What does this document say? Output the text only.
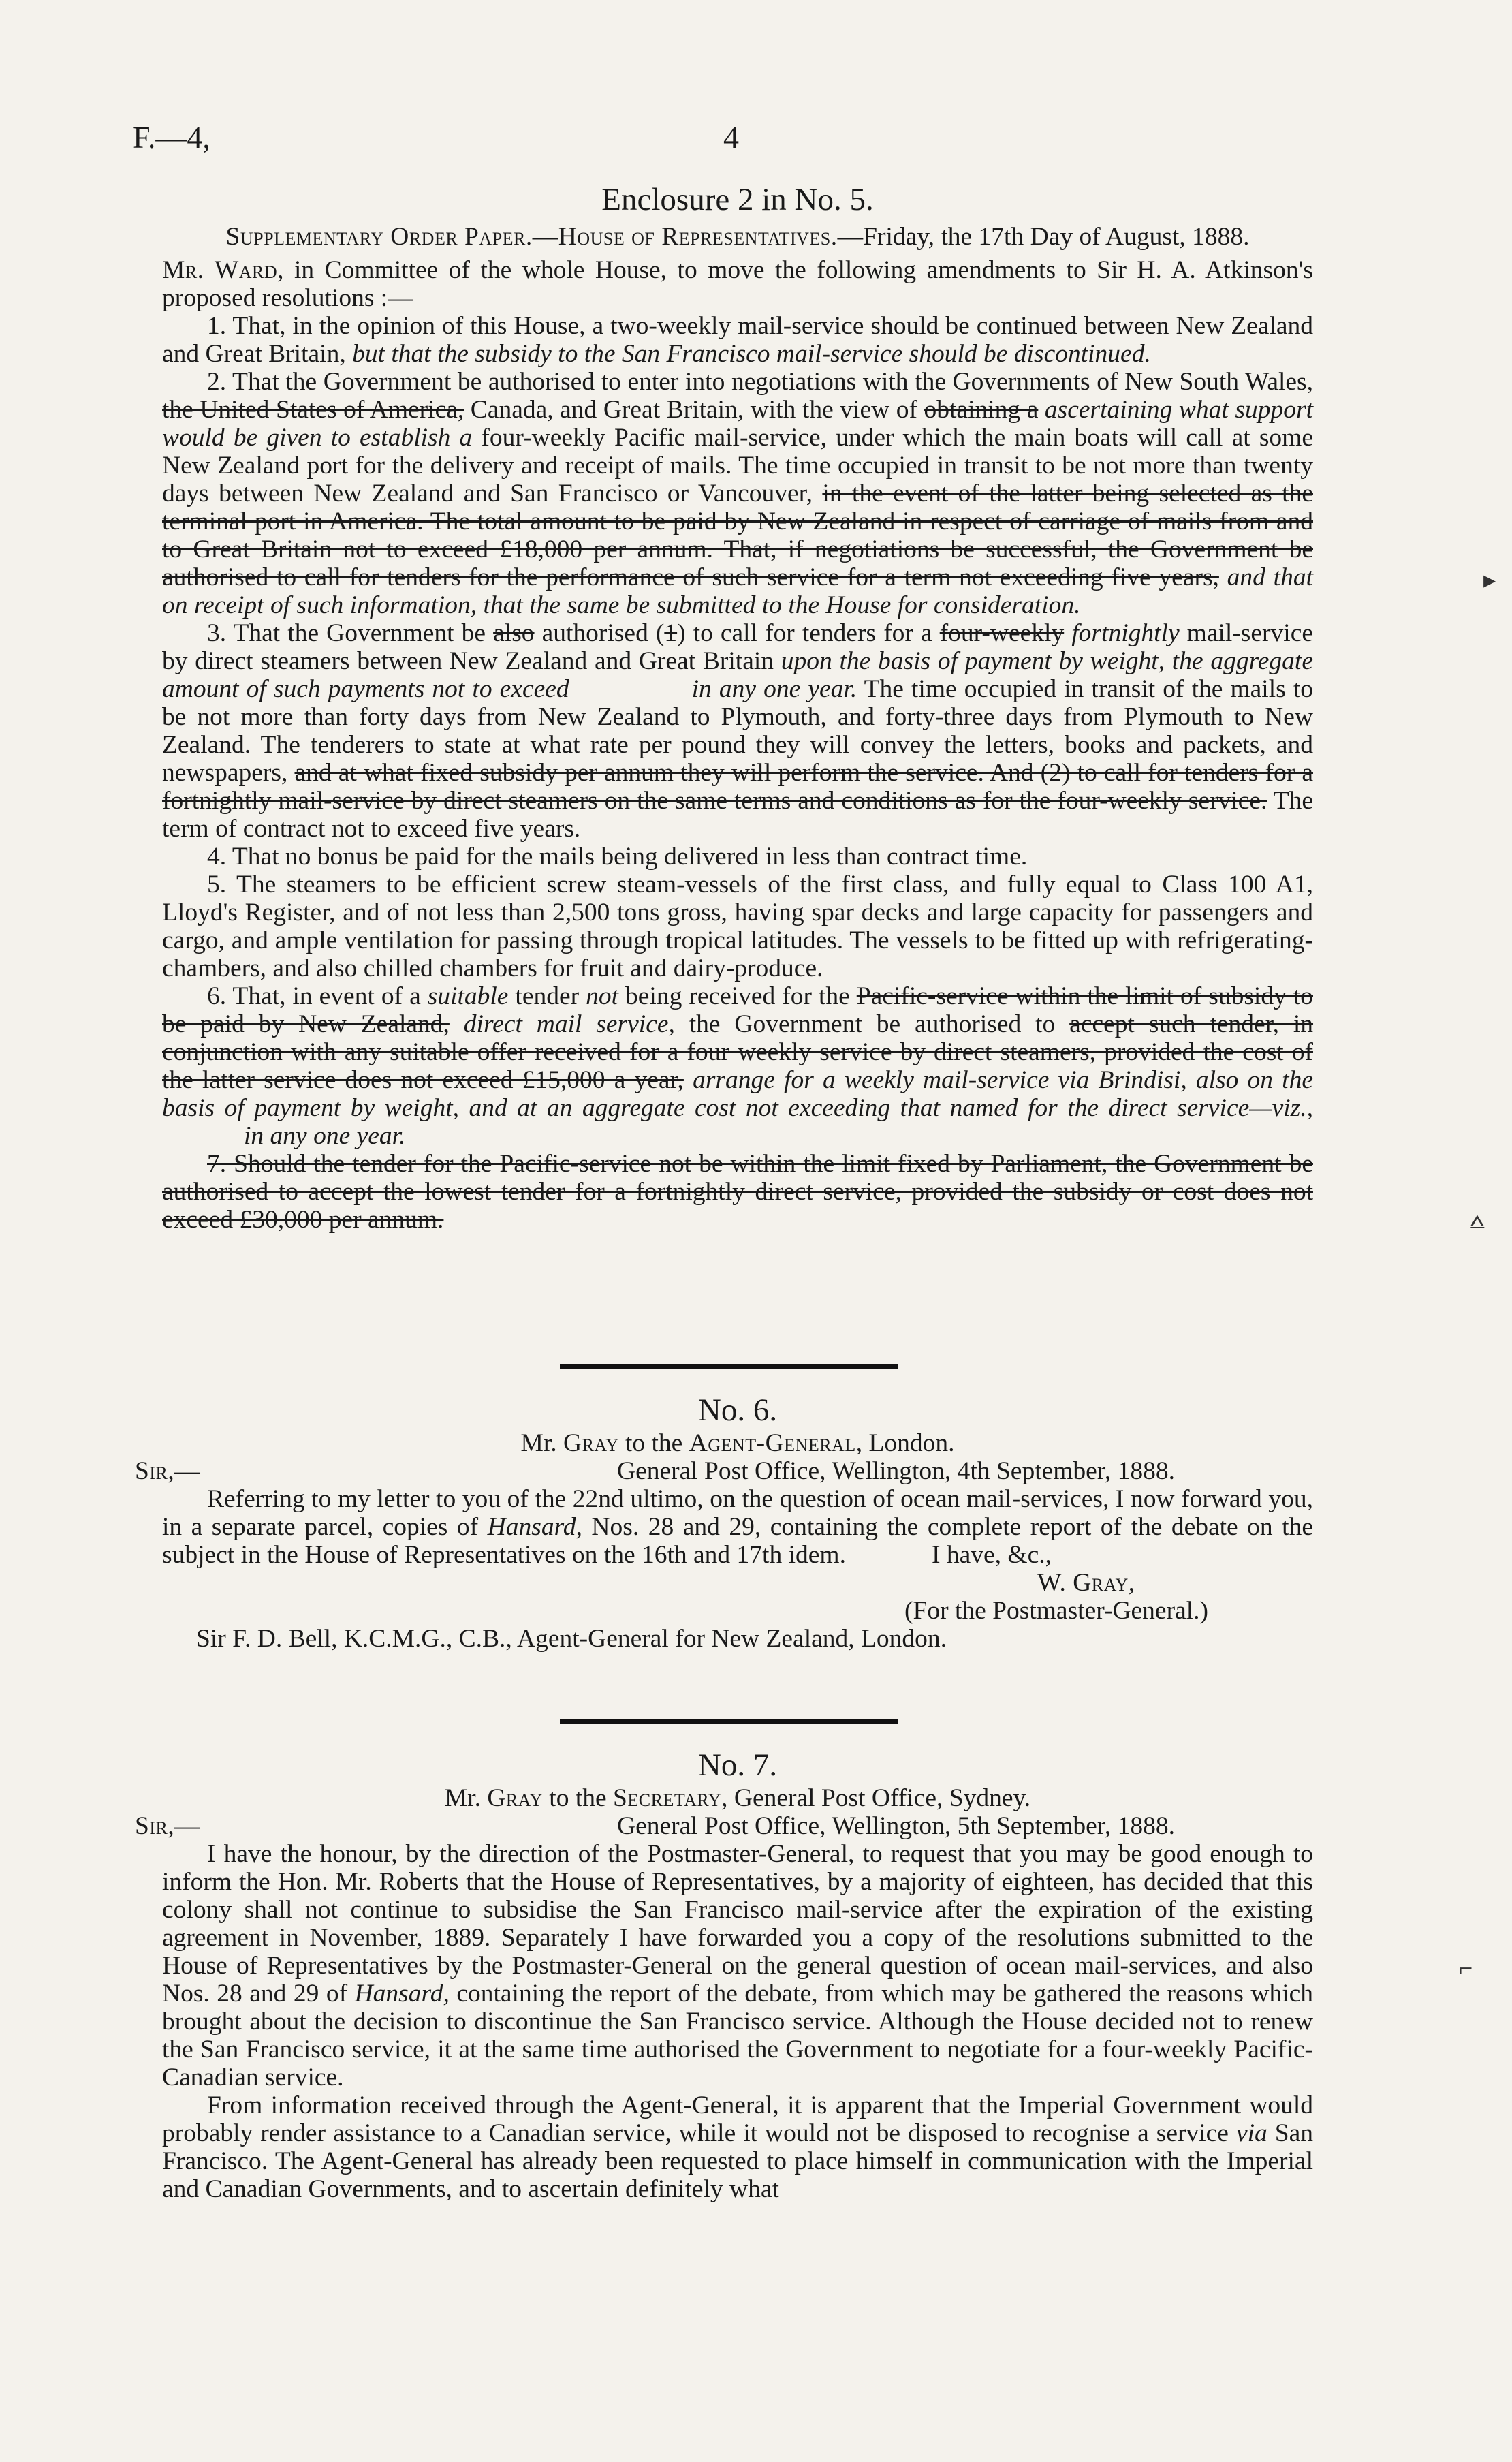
F.—4,	4
Enclosure 2 in No. 5.
Supplementary Order Paper.—House of Representatives.—Friday, the 17th Day of August, 1888.

Mr. Ward, in Committee of the whole House, to move the following amendments to Sir H. A. Atkinson's proposed resolutions :—

1. That, in the opinion of this House, a two-weekly mail-service should be continued between New Zealand and Great Britain, but that the subsidy to the San Francisco mail-service should be discontinued.

2. That the Government be authorised to enter into negotiations with the Governments of New South Wales, the United States of America, Canada, and Great Britain, with the view of obtaining a ascertaining what support would be given to establish a four-weekly Pacific mail-service, under which the main boats will call at some New Zealand port for the delivery and receipt of mails. The time occupied in transit to be not more than twenty days between New Zealand and San Francisco or Vancouver, in the event of the latter being selected as the terminal port in America. The total amount to be paid by New Zealand in respect of carriage of mails from and to Great Britain not to exceed £18,000 per annum. That, if negotiations be successful, the Government be authorised to call for tenders for the performance of such service for a term not exceeding five years, and that on receipt of such information, that the same be submitted to the House for consideration.

3. That the Government be also authorised (1) to call for tenders for a four-weekly fortnightly mail-service by direct steamers between New Zealand and Great Britain upon the basis of payment by weight, the aggregate amount of such payments not to exceed	in any one year. The time occupied in transit of the mails to be not more than forty days from New Zealand to Plymouth, and forty-three days from Plymouth to New Zealand. The tenderers to state at what rate per pound they will convey the letters, books and packets, and newspapers, and at what fixed subsidy per annum they will perform the service. And (2) to call for tenders for a fortnightly mail-service by direct steamers on the same terms and conditions as for the four-weekly service. The term of contract not to exceed five years.

4. That no bonus be paid for the mails being delivered in less than contract time.

5. The steamers to be efficient screw steam-vessels of the first class, and fully equal to Class 100 A1, Lloyd's Register, and of not less than 2,500 tons gross, having spar decks and large capacity for passengers and cargo, and ample ventilation for passing through tropical latitudes. The vessels to be fitted up with refrigerating-chambers, and also chilled chambers for fruit and dairy-produce.

6. That, in event of a suitable tender not being received for the Pacific-service within the limit of subsidy to be paid by New Zealand, direct mail service, the Government be authorised to accept such tender, in conjunction with any suitable offer received for a four weekly service by direct steamers, provided the cost of the latter service does not exceed £15,000 a year, arrange for a weekly mail-service via Brindisi, also on the basis of payment by weight, and at an aggregate cost not exceeding that named for the direct service—viz.,in any one year.

7. Should the tender for the Pacific-service not be within the limit fixed by Parliament, the Government be authorised to accept the lowest tender for a fortnightly direct service, provided the subsidy or cost does not exceed £30,000 per annum.

No. 6.
Mr. Gray to the Agent-General, London.
Sir,—	General Post Office, Wellington, 4th September, 1888.

Referring to my letter to you of the 22nd ultimo, on the question of ocean mail-services, I now forward you, in a separate parcel, copies of Hansard, Nos. 28 and 29, containing the complete report of the debate on the subject in the House of Representatives on the 16th and 17th idem.	I have, &c.,
W. Gray,
(For the Postmaster-General.)
Sir F. D. Bell, K.C.M.G., C.B., Agent-General for New Zealand, London.
No. 7.
Mr. Gray to the Secretary, General Post Office, Sydney.
Sir,—	General Post Office, Wellington, 5th September, 1888.

I have the honour, by the direction of the Postmaster-General, to request that you may be good enough to inform the Hon. Mr. Roberts that the House of Representatives, by a majority of eighteen, has decided that this colony shall not continue to subsidise the San Francisco mail-service after the expiration of the existing agreement in November, 1889. Separately I have forwarded you a copy of the resolutions submitted to the House of Representatives by the Postmaster-General on the general question of ocean mail-services, and also Nos. 28 and 29 of Hansard, containing the report of the debate, from which may be gathered the reasons which brought about the decision to discontinue the San Francisco service. Although the House decided not to renew the San Francisco service, it at the same time authorised the Government to negotiate for a four-weekly Pacific-Canadian service.

From information received through the Agent-General, it is apparent that the Imperial Government would probably render assistance to a Canadian service, while it would not be disposed to recognise a service via San Francisco. The Agent-General has already been requested to place himself in communication with the Imperial and Canadian Governments, and to ascertain definitely what

▸
⩟
⌐
